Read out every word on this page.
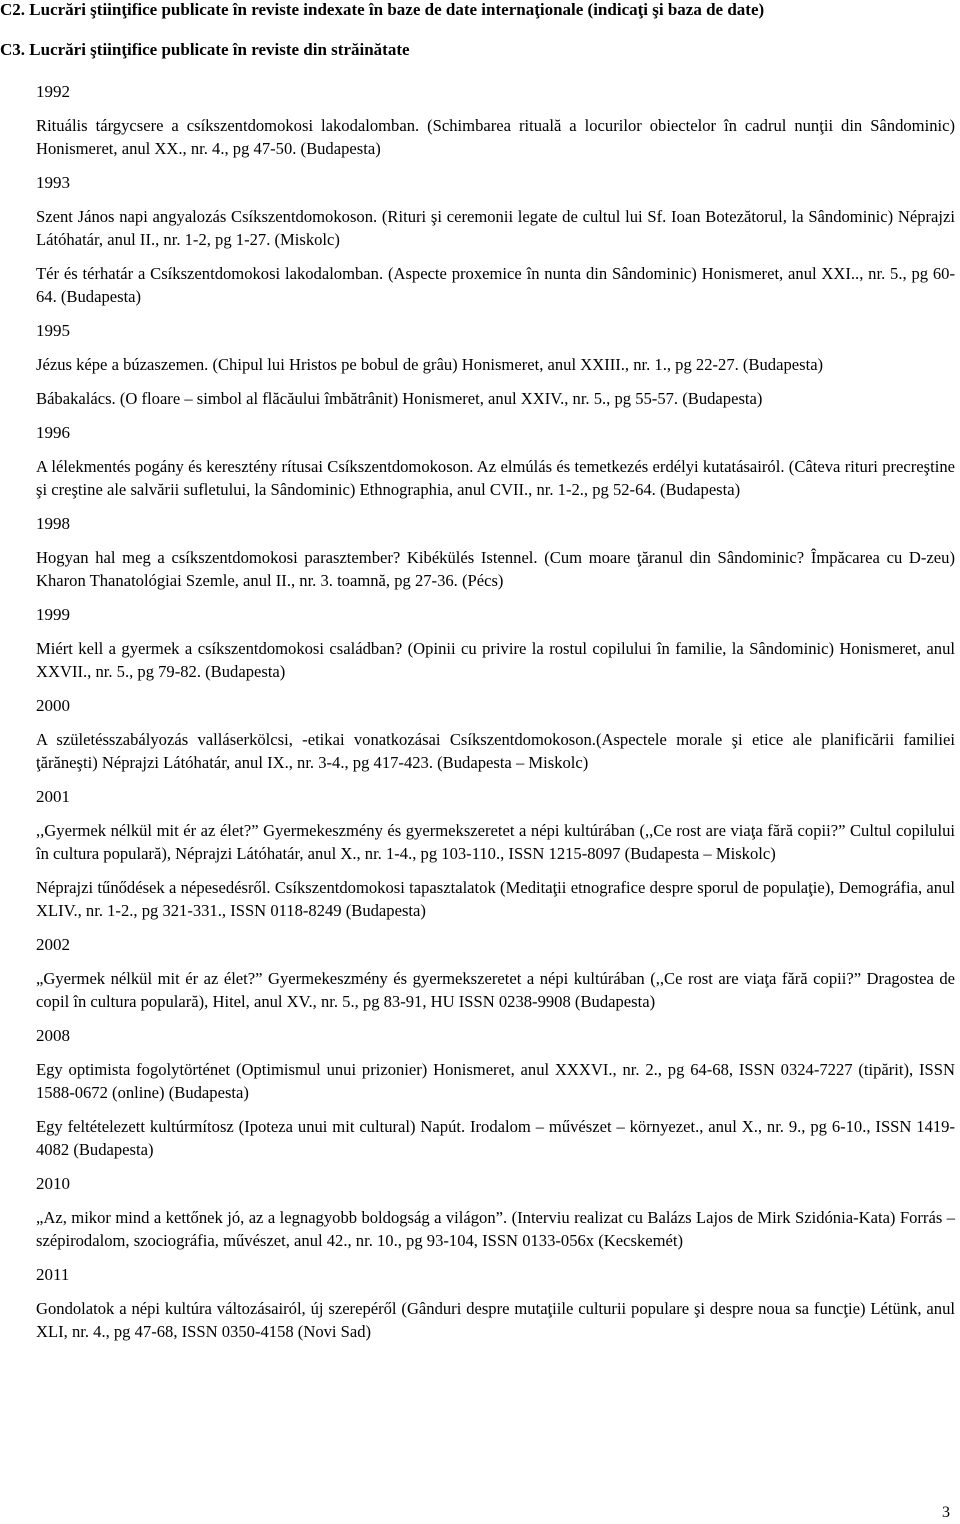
C2. Lucrări ştiinţifice publicate în reviste indexate în baze de date internaţionale (indicaţi şi baza de date)
C3. Lucrări ştiinţifice publicate în reviste din străinătate
1992
Rituális tárgycsere a csíkszentdomokosi lakodalomban. (Schimbarea rituală a locurilor obiectelor în cadrul nunţii din Sândominic) Honismeret, anul XX., nr. 4., pg 47-50. (Budapesta)
1993
Szent János napi angyalozás Csíkszentdomokoson. (Rituri şi ceremonii legate de cultul lui Sf. Ioan Botezătorul, la Sândominic) Néprajzi Látóhatár, anul II., nr. 1-2, pg 1-27. (Miskolc)
Tér és térhatár a Csíkszentdomokosi lakodalomban. (Aspecte proxemice în nunta din Sândominic) Honismeret, anul XXI.., nr. 5., pg 60-64. (Budapesta)
1995
Jézus képe a búzaszemen. (Chipul lui Hristos pe bobul de grâu) Honismeret, anul XXIII., nr. 1., pg 22-27. (Budapesta)
Bábakalács. (O floare – simbol al flăcăului îmbătrânit) Honismeret, anul XXIV., nr. 5., pg 55-57. (Budapesta)
1996
A lélekmentés pogány és keresztény rítusai Csíkszentdomokoson. Az elmúlás és temetkezés erdélyi kutatásairól. (Câteva rituri precreştine şi creştine ale salvării sufletului, la Sândominic) Ethnographia, anul CVII., nr. 1-2., pg 52-64. (Budapesta)
1998
Hogyan hal meg a csíkszentdomokosi parasztember? Kibékülés Istennel. (Cum moare ţăranul din Sândominic? Împăcarea cu D-zeu) Kharon Thanatológiai Szemle, anul II., nr. 3. toamnă, pg 27-36. (Pécs)
1999
Miért kell a gyermek a csíkszentdomokosi családban? (Opinii cu privire la rostul copilului în familie, la Sândominic) Honismeret, anul XXVII., nr. 5., pg 79-82. (Budapesta)
2000
A születésszabályozás valláserkölcsi, -etikai vonatkozásai Csíkszentdomokoson.(Aspectele morale şi etice ale planificării familiei ţărăneşti) Néprajzi Látóhatár, anul IX., nr. 3-4., pg 417-423. (Budapesta – Miskolc)
2001
,,Gyermek nélkül mit ér az élet?” Gyermekeszmény és gyermekszeretet a népi kultúrában (,,Ce rost are viaţa fără copii?” Cultul copilului în cultura populară), Néprajzi Látóhatár, anul X., nr. 1-4., pg 103-110., ISSN 1215-8097 (Budapesta – Miskolc)
Néprajzi tűnődések a népesedésről. Csíkszentdomokosi tapasztalatok (Meditaţii etnografice despre sporul de populaţie), Demográfia, anul XLIV., nr. 1-2., pg 321-331., ISSN 0118-8249 (Budapesta)
2002
„Gyermek nélkül mit ér az élet?” Gyermekeszmény és gyermekszeretet a népi kultúrában (,,Ce rost are viaţa fără copii?” Dragostea de copil în cultura populară), Hitel, anul XV., nr. 5., pg 83-91, HU ISSN 0238-9908 (Budapesta)
2008
Egy optimista fogolytörténet (Optimismul unui prizonier) Honismeret, anul XXXVI., nr. 2., pg 64-68, ISSN 0324-7227 (tipărit), ISSN 1588-0672 (online) (Budapesta)
Egy feltételezett kultúrmítosz (Ipoteza unui mit cultural) Napút. Irodalom – művészet – környezet., anul X., nr. 9., pg 6-10., ISSN 1419-4082 (Budapesta)
2010
„Az, mikor mind a kettőnek jó, az a legnagyobb boldogság a világon”. (Interviu realizat cu Balázs Lajos de Mirk Szidónia-Kata) Forrás – szépirodalom, szociográfia, művészet, anul 42., nr. 10., pg 93-104, ISSN 0133-056x (Kecskemét)
2011
Gondolatok a népi kultúra változásairól, új szerepéről (Gânduri despre mutaţiile culturii populare şi despre noua sa funcţie) Létünk, anul XLI, nr. 4., pg 47-68, ISSN 0350-4158 (Novi Sad)
3
